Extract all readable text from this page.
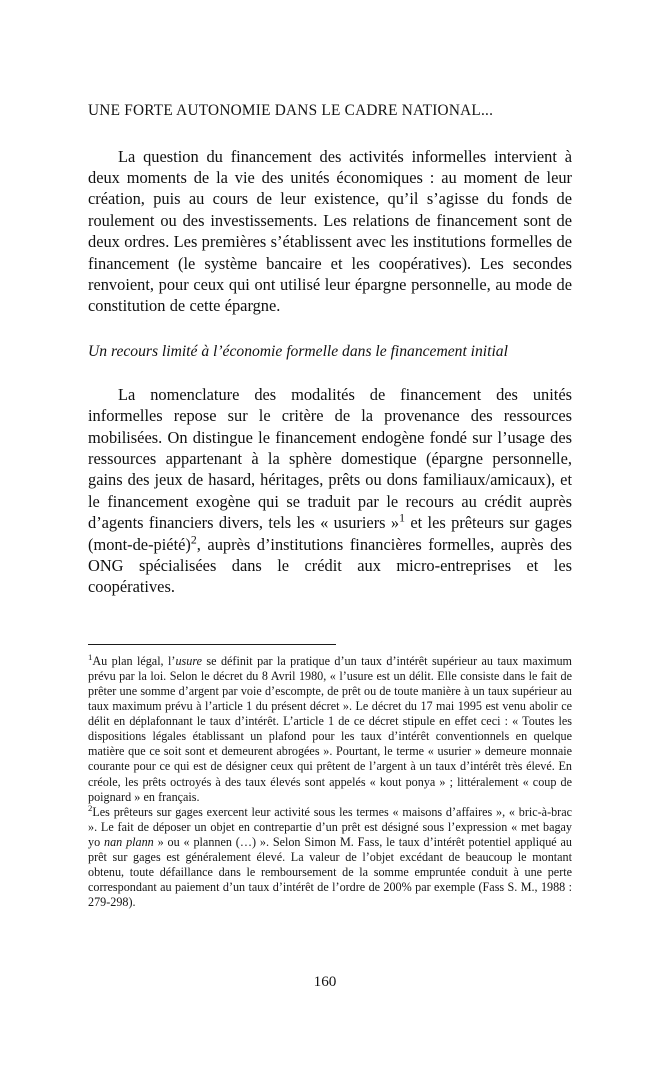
UNE FORTE AUTONOMIE DANS LE CADRE NATIONAL...

La question du financement des activités informelles intervient à deux moments de la vie des unités économiques : au moment de leur création, puis au cours de leur existence, qu’il s’agisse du fonds de roulement ou des investissements. Les relations de financement sont de deux ordres. Les premières s’établissent avec les institutions formelles de financement (le système bancaire et les coopératives). Les secondes renvoient, pour ceux qui ont utilisé leur épargne personnelle, au mode de constitution de cette épargne.

Un recours limité à l’économie formelle dans le financement initial

La nomenclature des modalités de financement des unités informelles repose sur le critère de la provenance des ressources mobilisées. On distingue le financement endogène fondé sur l’usage des ressources appartenant à la sphère domestique (épargne personnelle, gains des jeux de hasard, héritages, prêts ou dons familiaux/amicaux), et le financement exogène qui se traduit par le recours au crédit auprès d’agents financiers divers, tels les « usuriers »$^1$ et les prêteurs sur gages (mont-de-piété)$^2$, auprès d’institutions financières formelles, auprès des ONG spécialisées dans le crédit aux micro-entreprises et les coopératives.

$^1$Au plan légal, l’usure se définit par la pratique d’un taux d’intérêt supérieur au taux maximum prévu par la loi. Selon le décret du 8 Avril 1980, « l’usure est un délit. Elle consiste dans le fait de prêter une somme d’argent par voie d’escompte, de prêt ou de toute manière à un taux supérieur au taux maximum prévu à l’article 1 du présent décret ». Le décret du 17 mai 1995 est venu abolir ce délit en déplafonnant le taux d’intérêt. L’article 1 de ce décret stipule en effet ceci : « Toutes les dispositions légales établissant un plafond pour les taux d’intérêt conventionnels en quelque matière que ce soit sont et demeurent abrogées ». Pourtant, le terme « usurier » demeure monnaie courante pour ce qui est de désigner ceux qui prêtent de l’argent à un taux d’intérêt très élevé. En créole, les prêts octroyés à des taux élevés sont appelés « kout ponya » ; littéralement « coup de poignard » en français.

$^2$Les prêteurs sur gages exercent leur activité sous les termes « maisons d’affaires », « bric-à-brac ». Le fait de déposer un objet en contrepartie d’un prêt est désigné sous l’expression « met bagay yo nan plann » ou « plannen (…) ». Selon Simon M. Fass, le taux d’intérêt potentiel appliqué au prêt sur gages est généralement élevé. La valeur de l’objet excédant de beaucoup le montant obtenu, toute défaillance dans le remboursement de la somme empruntée conduit à une perte correspondant au paiement d’un taux d’intérêt de l’ordre de 200% par exemple (Fass S. M., 1988 : 279-298).

160
